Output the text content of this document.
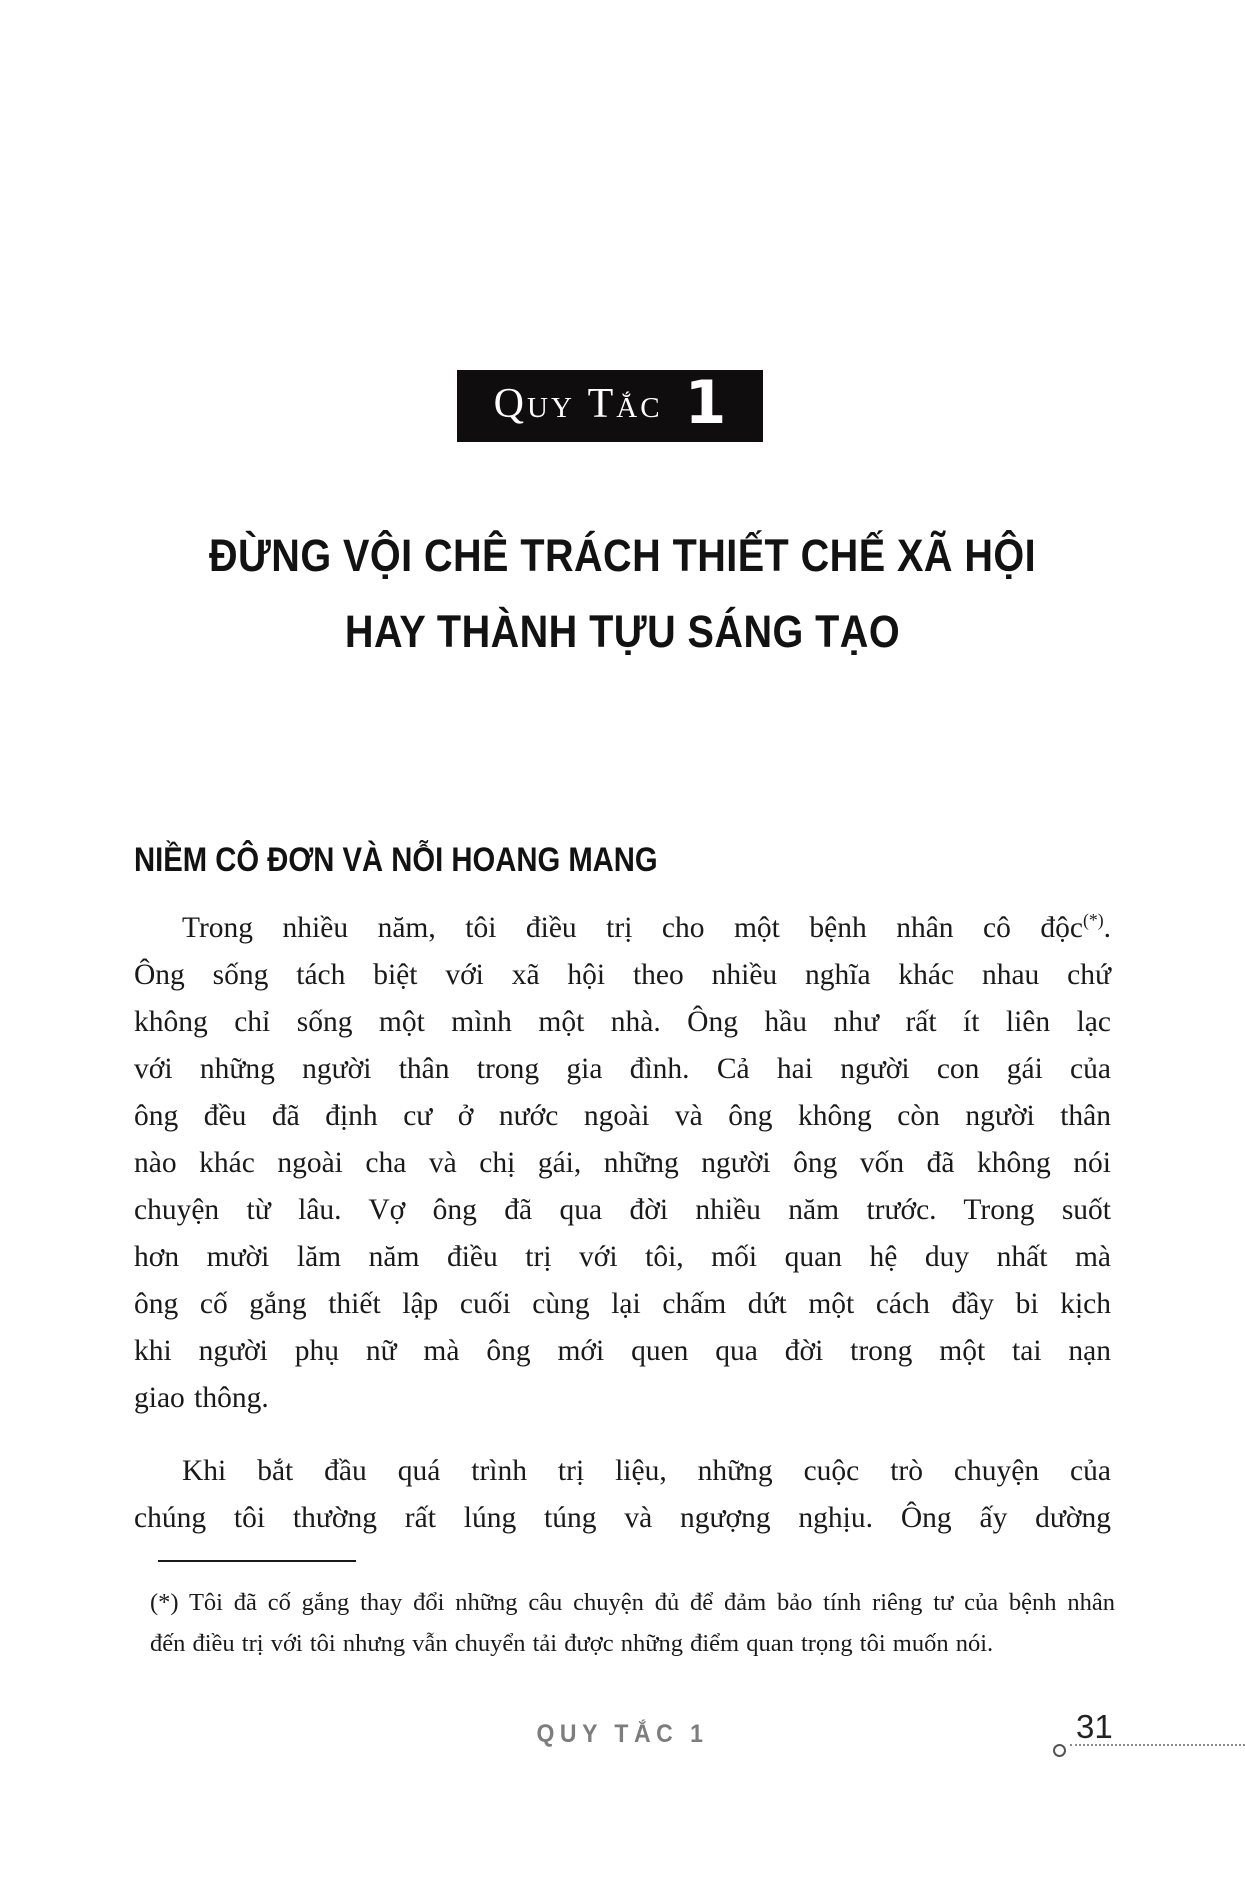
Quy Tắc 1
ĐỪNG VỘI CHÊ TRÁCH THIẾT CHẾ XÃ HỘI
HAY THÀNH TỰU SÁNG TẠO
NIỀM CÔ ĐƠN VÀ NỖI HOANG MANG
Trong nhiều năm, tôi điều trị cho một bệnh nhân cô độc(*).
Ông sống tách biệt với xã hội theo nhiều nghĩa khác nhau chứ
không chỉ sống một mình một nhà. Ông hầu như rất ít liên lạc
với những người thân trong gia đình. Cả hai người con gái của
ông đều đã định cư ở nước ngoài và ông không còn người thân
nào khác ngoài cha và chị gái, những người ông vốn đã không nói
chuyện từ lâu. Vợ ông đã qua đời nhiều năm trước. Trong suốt
hơn mười lăm năm điều trị với tôi, mối quan hệ duy nhất mà
ông cố gắng thiết lập cuối cùng lại chấm dứt một cách đầy bi kịch
khi người phụ nữ mà ông mới quen qua đời trong một tai nạn
giao thông.
Khi bắt đầu quá trình trị liệu, những cuộc trò chuyện của
chúng tôi thường rất lúng túng và ngượng nghịu. Ông ấy dường
(*) Tôi đã cố gắng thay đổi những câu chuyện đủ để đảm bảo tính riêng tư của bệnh nhân
đến điều trị với tôi nhưng vẫn chuyển tải được những điểm quan trọng tôi muốn nói.
QUY TẮC 1	31
